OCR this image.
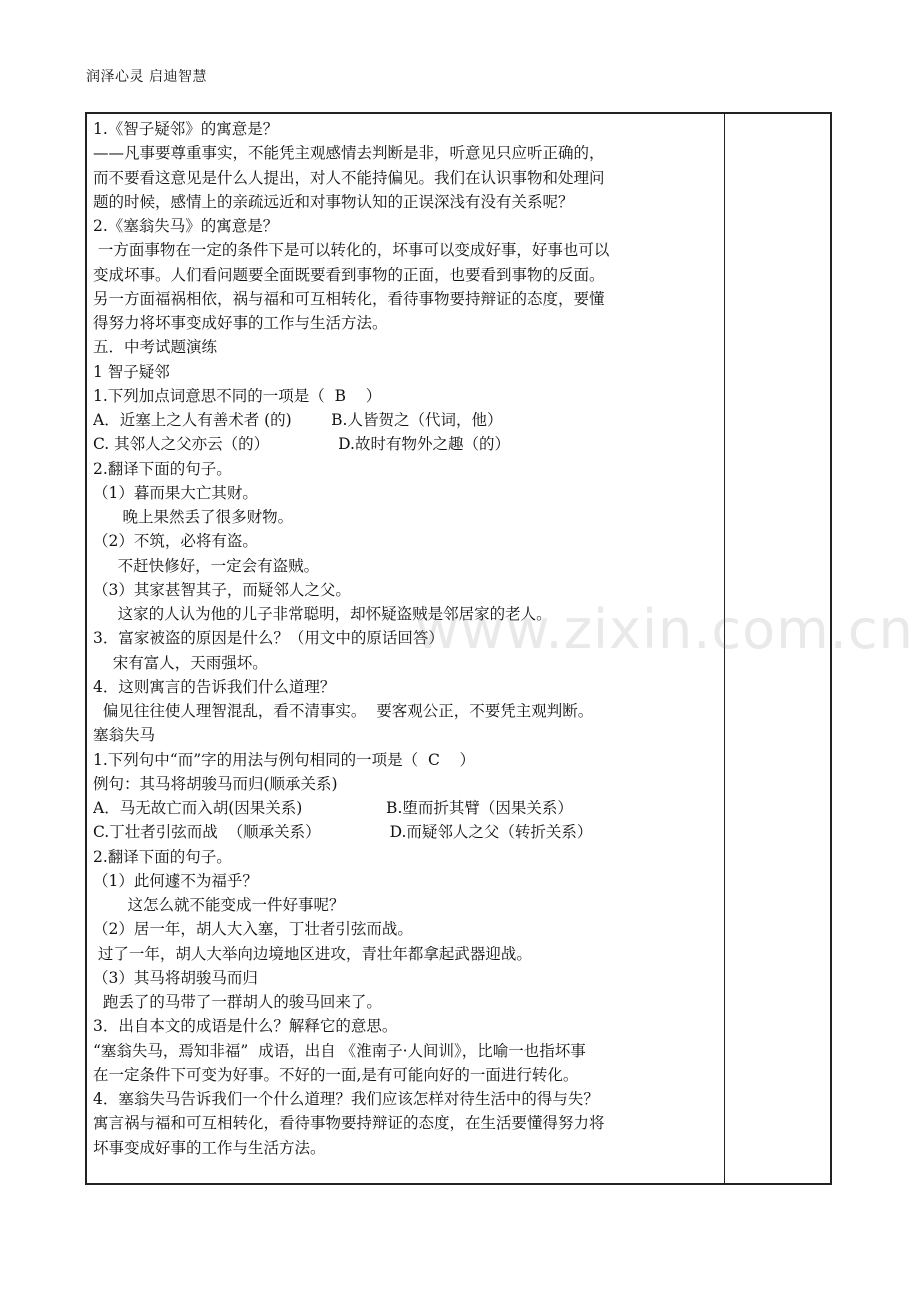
润泽心灵 启迪智慧
1.《智子疑邻》的寓意是？
——凡事要尊重事实，不能凭主观感情去判断是非，听意见只应听正确的，
而不要看这意见是什么人提出，对人不能持偏见。我们在认识事物和处理问
题的时候，感情上的亲疏远近和对事物认知的正误深浅有没有关系呢？
2.《塞翁失马》的寓意是？
一方面事物在一定的条件下是可以转化的，坏事可以变成好事，好事也可以
变成坏事。人们看问题要全面既要看到事物的正面，也要看到事物的反面。
另一方面福祸相依，祸与福和可互相转化，看待事物要持辩证的态度，要懂
得努力将坏事变成好事的工作与生活方法。
五．中考试题演练
1 智子疑邻
1.下列加点词意思不同的一项是（  B    ）
A．近塞上之人有善术者 (的)        B.人皆贺之（代词，他）
C. 其邻人之父亦云（的）              D.故时有物外之趣（的）
2.翻译下面的句子。
（1）暮而果大亡其财。
晚上果然丢了很多财物。
（2）不筑，必将有盗。
不赶快修好，一定会有盗贼。
（3）其家甚智其子，而疑邻人之父。
这家的人认为他的儿子非常聪明，却怀疑盗贼是邻居家的老人。
3．富家被盗的原因是什么？（用文中的原话回答）
宋有富人，天雨强坏。
4．这则寓言的告诉我们什么道理？
偏见往往使人理智混乱，看不清事实。  要客观公正，不要凭主观判断。
塞翁失马
1.下列句中“而”字的用法与例句相同的一项是（  C    ）
例句：其马将胡骏马而归(顺承关系)
A．马无故亡而入胡(因果关系)                 B.堕而折其臂（因果关系）
C.丁壮者引弦而战  （顺承关系）              D.而疑邻人之父（转折关系）
2.翻译下面的句子。
（1）此何遽不为福乎？
这怎么就不能变成一件好事呢？
（2）居一年，胡人大入塞，丁壮者引弦而战。
过了一年，胡人大举向边境地区进攻，青壮年都拿起武器迎战。
（3）其马将胡骏马而归
跑丢了的马带了一群胡人的骏马回来了。
3．出自本文的成语是什么？解释它的意思。
“塞翁失马，焉知非福”  成语，出自 《淮南子·人间训》，比喻一也指坏事
在一定条件下可变为好事。不好的一面,是有可能向好的一面进行转化。
4．塞翁失马告诉我们一个什么道理？我们应该怎样对待生活中的得与失？
寓言祸与福和可互相转化，看待事物要持辩证的态度，在生活要懂得努力将
坏事变成好事的工作与生活方法。
www.zixin.com.cn
